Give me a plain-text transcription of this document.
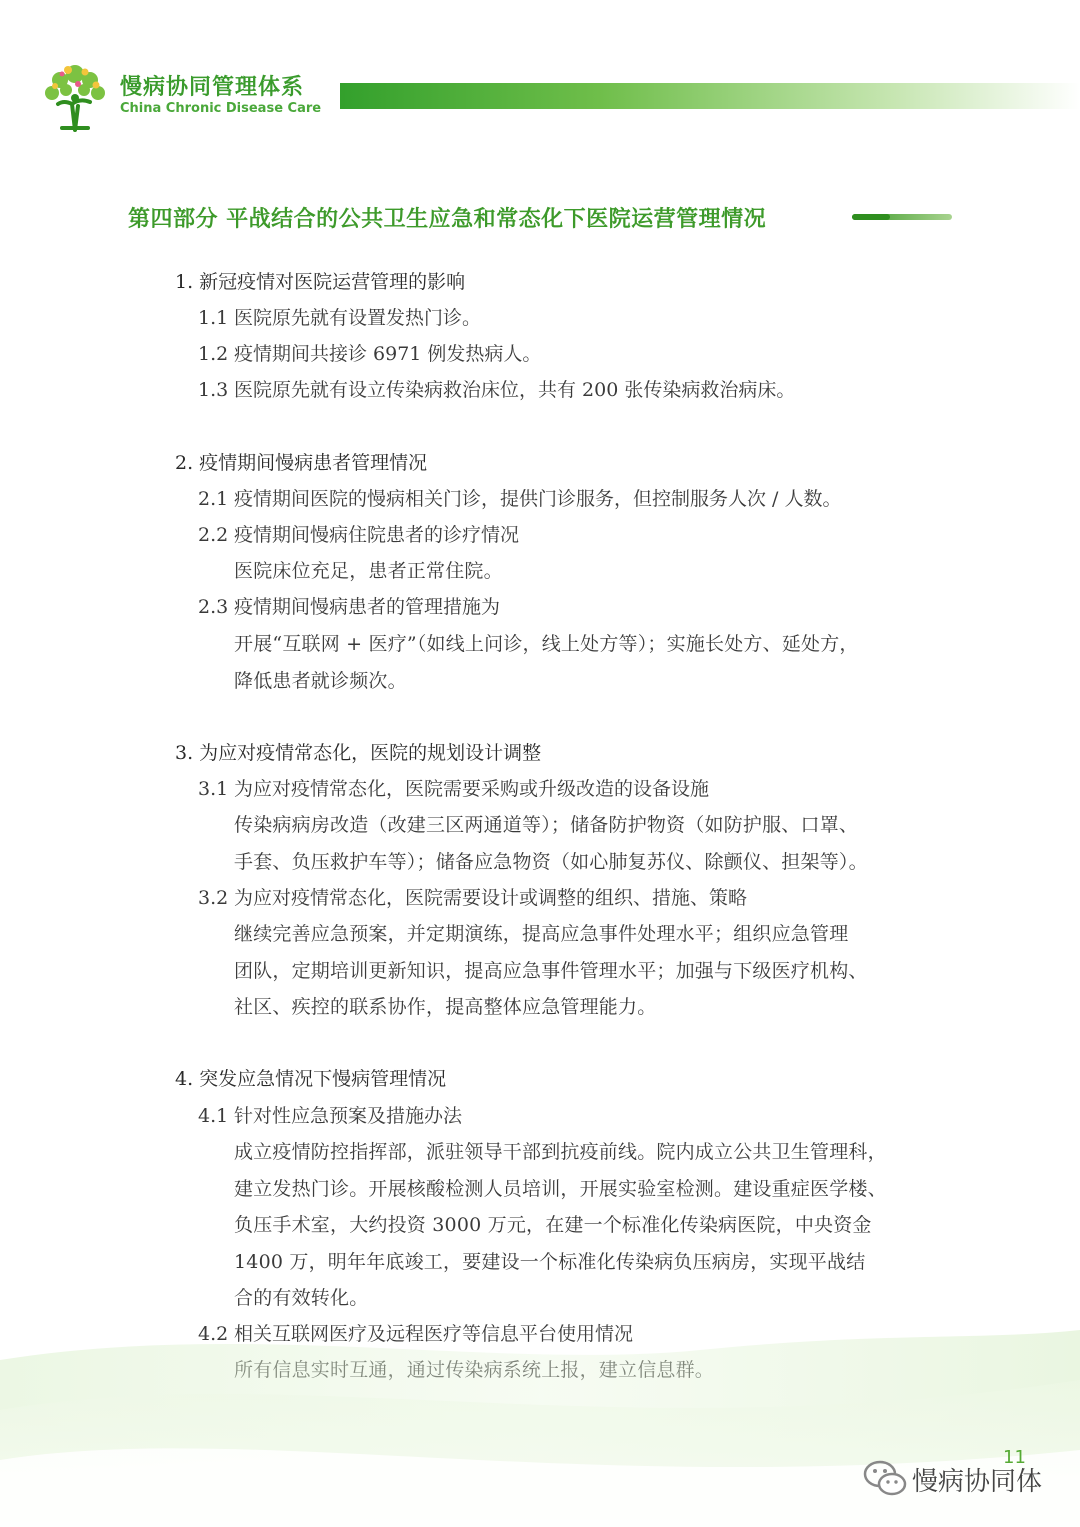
慢病协同管理体系
China Chronic Disease Care
第四部分 平战结合的公共卫生应急和常态化下医院运营管理情况
1. 新冠疫情对医院运营管理的影响
1.1 医院原先就有设置发热门诊。
1.2 疫情期间共接诊 6971 例发热病人。
1.3 医院原先就有设立传染病救治床位，共有 200 张传染病救治病床。
2. 疫情期间慢病患者管理情况
2.1 疫情期间医院的慢病相关门诊，提供门诊服务，但控制服务人次 / 人数。
2.2 疫情期间慢病住院患者的诊疗情况
医院床位充足，患者正常住院。
2.3 疫情期间慢病患者的管理措施为
开展“互联网 + 医疗”（如线上问诊，线上处方等）；实施长处方、延处方，
降低患者就诊频次。
3. 为应对疫情常态化，医院的规划设计调整
3.1 为应对疫情常态化，医院需要采购或升级改造的设备设施
传染病病房改造（改建三区两通道等）；储备防护物资（如防护服、口罩、
手套、负压救护车等）；储备应急物资（如心肺复苏仪、除颤仪、担架等）。
3.2 为应对疫情常态化，医院需要设计或调整的组织、措施、策略
继续完善应急预案，并定期演练，提高应急事件处理水平；组织应急管理
团队，定期培训更新知识，提高应急事件管理水平；加强与下级医疗机构、
社区、疾控的联系协作，提高整体应急管理能力。
4. 突发应急情况下慢病管理情况
4.1 针对性应急预案及措施办法
成立疫情防控指挥部，派驻领导干部到抗疫前线。院内成立公共卫生管理科，
建立发热门诊。开展核酸检测人员培训，开展实验室检测。建设重症医学楼、
负压手术室，大约投资 3000 万元，在建一个标准化传染病医院，中央资金
1400 万，明年年底竣工，要建设一个标准化传染病负压病房，实现平战结
合的有效转化。
4.2 相关互联网医疗及远程医疗等信息平台使用情况
11
慢病协同体
